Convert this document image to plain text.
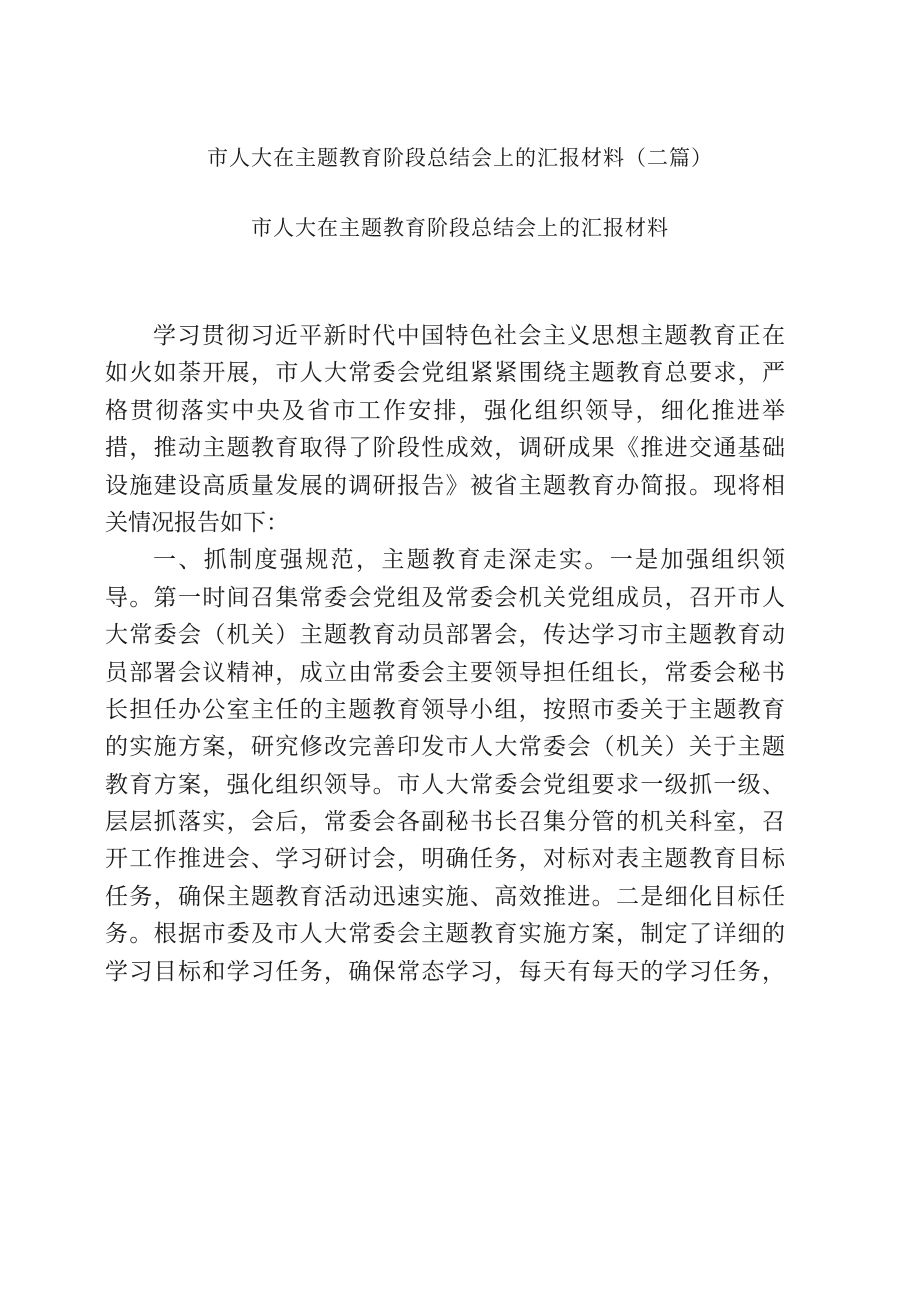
市人大在主题教育阶段总结会上的汇报材料（二篇）
市人大在主题教育阶段总结会上的汇报材料
学习贯彻习近平新时代中国特色社会主义思想主题教育正在
如火如荼开展，市人大常委会党组紧紧围绕主题教育总要求，严
格贯彻落实中央及省市工作安排，强化组织领导，细化推进举
措，推动主题教育取得了阶段性成效，调研成果《推进交通基础
设施建设高质量发展的调研报告》被省主题教育办简报。现将相
关情况报告如下：
一、抓制度强规范，主题教育走深走实。一是加强组织领
导。第一时间召集常委会党组及常委会机关党组成员，召开市人
大常委会（机关）主题教育动员部署会，传达学习市主题教育动
员部署会议精神，成立由常委会主要领导担任组长，常委会秘书
长担任办公室主任的主题教育领导小组，按照市委关于主题教育
的实施方案，研究修改完善印发市人大常委会（机关）关于主题
教育方案，强化组织领导。市人大常委会党组要求一级抓一级、
层层抓落实，会后，常委会各副秘书长召集分管的机关科室，召
开工作推进会、学习研讨会，明确任务，对标对表主题教育目标
任务，确保主题教育活动迅速实施、高效推进。二是细化目标任
务。根据市委及市人大常委会主题教育实施方案，制定了详细的
学习目标和学习任务，确保常态学习，每天有每天的学习任务，
